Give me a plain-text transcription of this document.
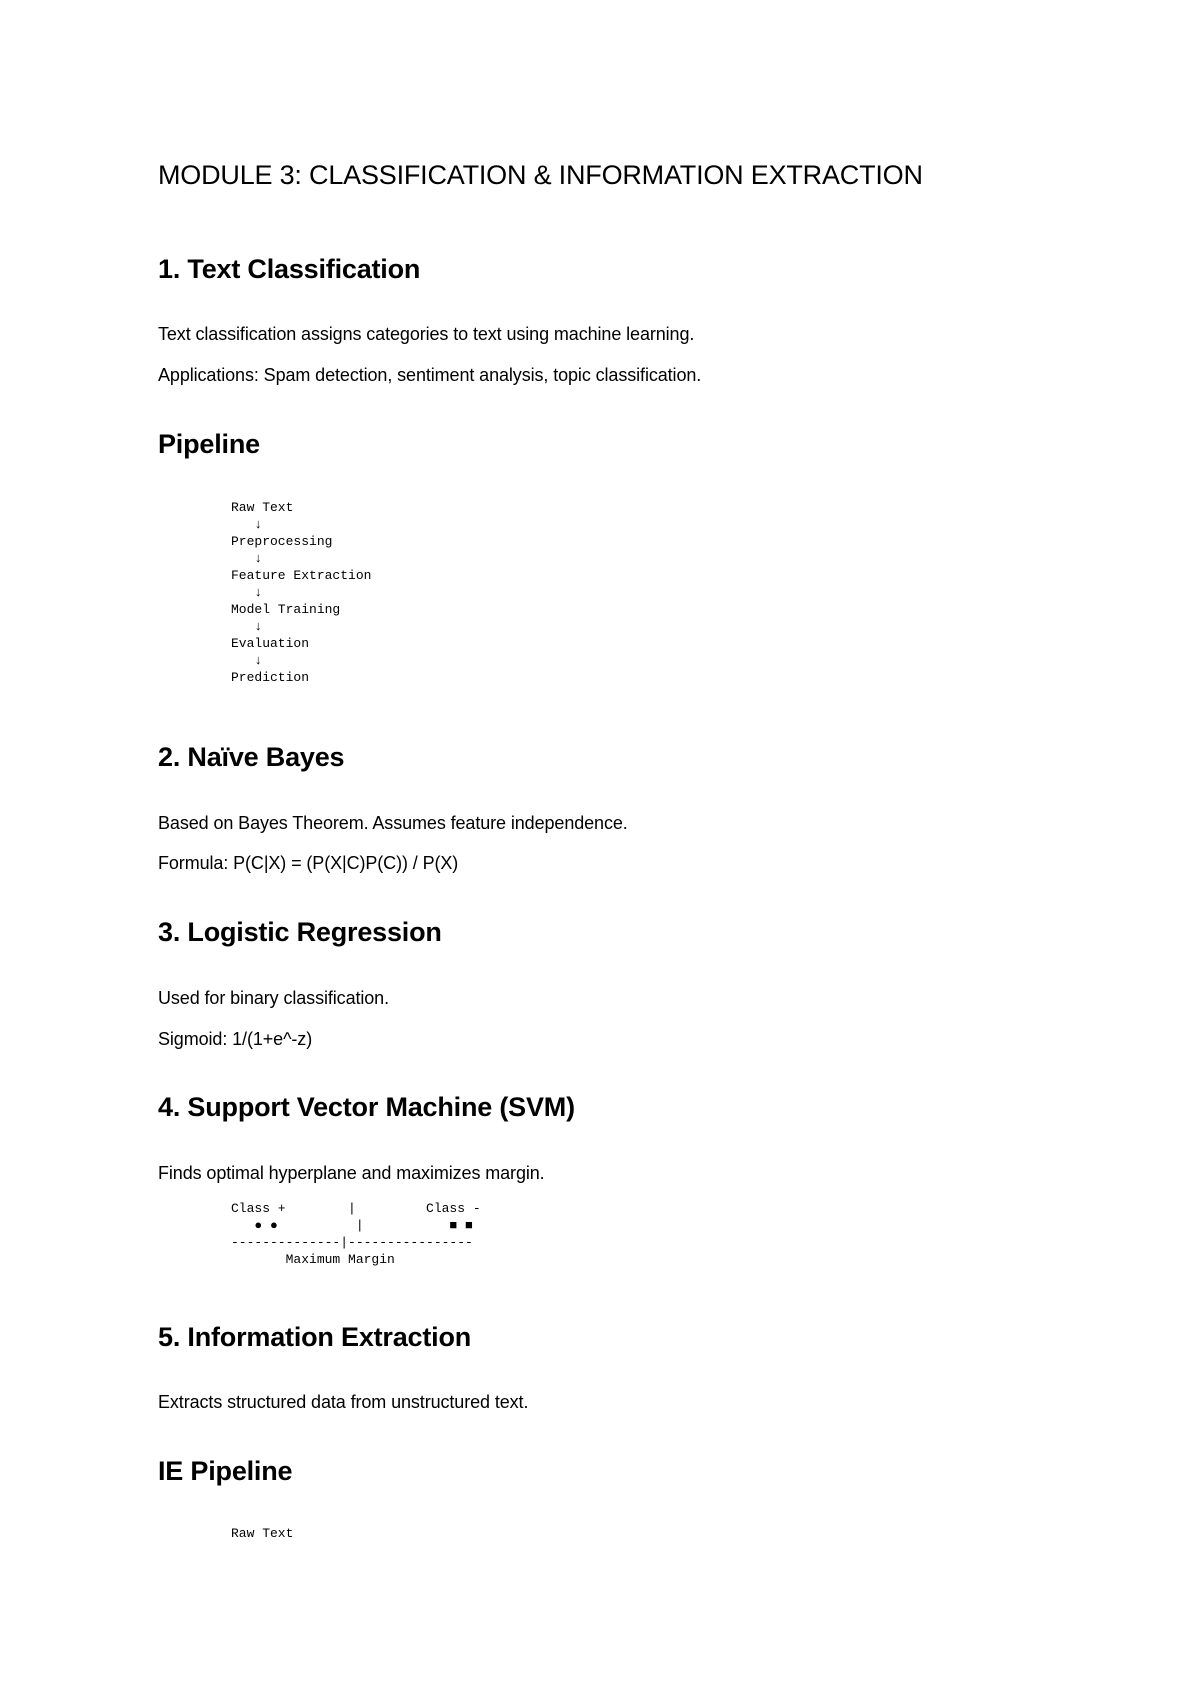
MODULE 3: CLASSIFICATION & INFORMATION EXTRACTION
1. Text Classification

Text classification assigns categories to text using machine learning.

Applications: Spam detection, sentiment analysis, topic classification.

Pipeline
Raw Text
↓
Preprocessing
↓
Feature Extraction
↓
Model Training
↓
Evaluation
↓
Prediction
2. Naïve Bayes

Based on Bayes Theorem. Assumes feature independence.

Formula: P(C|X) = (P(X|C)P(C)) / P(X)

3. Logistic Regression

Used for binary classification.

Sigmoid: 1/(1+e^-z)

4. Support Vector Machine (SVM)

Finds optimal hyperplane and maximizes margin.

Class +        |         Class -
● ●          |           ■ ■
--------------|----------------
Maximum Margin
5. Information Extraction

Extracts structured data from unstructured text.

IE Pipeline
Raw Text
